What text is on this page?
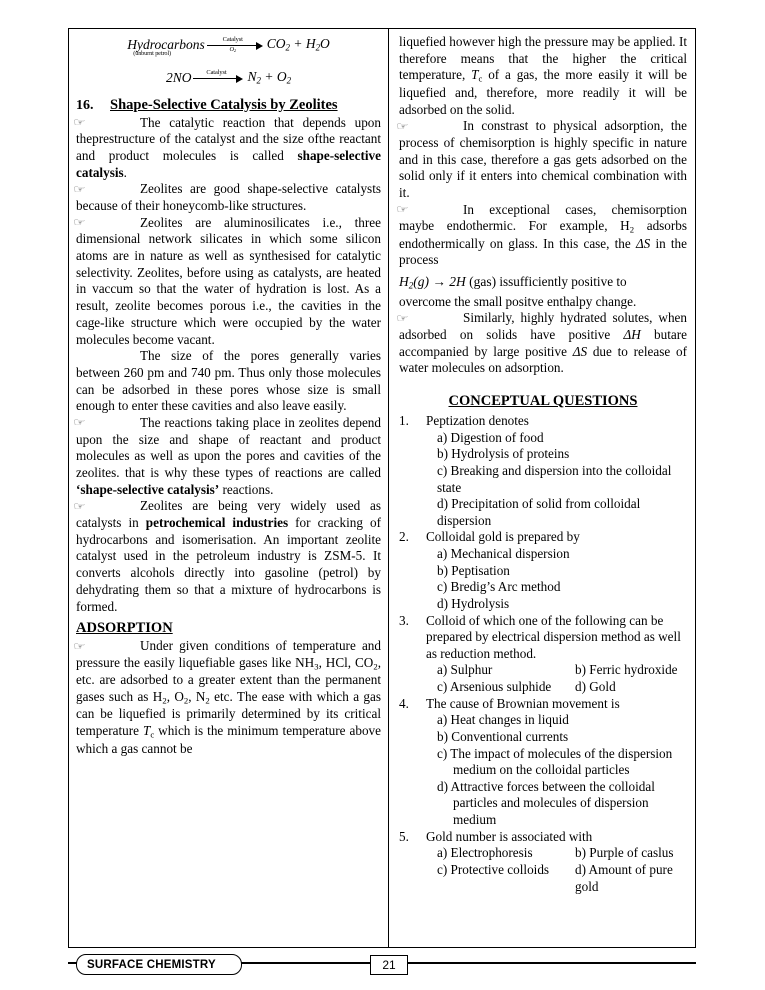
Hydrocarbons
(unburnt petrol)
Catalyst
$O_2$	$CO_2 + H_2O$
2NO	Catalyst	$N_2 + O_2$
16.	Shape-Selective Catalysis by Zeolites

☞	The catalytic reaction that depends upon theprestructure of the catalyst and the size ofthe reactant and product molecules is called shape-selective catalysis.

☞	Zeolites are good shape-selective catalysts because of their honeycomb-like structures.

☞	Zeolites are aluminosilicates i.e., three dimensional network silicates in which some silicon atoms are in nature as well as synthesised for catalytic selectivity. Zeolites, before using as catalysts, are heated in vaccum so that the water of hydration is lost. As a result, zeolite becomes porous i.e., the cavities in the cage-like structure which were occupied by the water molecules become vacant.

The size of the pores generally varies between 260 pm and 740 pm. Thus only those molecules can be adsorbed in these pores whose size is small enough to enter these cavities and also leave easily.

☞	The reactions taking place in zeolites depend upon the size and shape of reactant and product molecules as well as upon the pores and cavities of the zeolites. that is why these types of reactions are called ‘shape-selective catalysis’ reactions.

☞	Zeolites are being very widely used as catalysts in petrochemical industries for cracking of hydrocarbons and isomerisation. An important zeolite catalyst used in the petroleum industry is ZSM-5. It converts alcohols directly into gasoline (petrol) by dehydrating them so that a mixture of hydrocarbons is formed.

ADSORPTION

☞	Under given conditions of temperature and pressure the easily liquefiable gases like $NH_3$, HCl, $CO_2$, etc. are adsorbed to a greater extent than the permanent gases such as $H_2$, $O_2$, $N_2$ etc. The ease with which a gas can be liquefied is primarily determined by its critical temperature $T_c$ which is the minimum temperature above which a gas cannot be

liquefied however high the pressure may be applied. It therefore means that the higher the critical temperature, $T_c$ of a gas, the more easily it will be liquefied and, therefore, more readily it will be adsorbed on the solid.

☞	In constrast to physical adsorption, the process of chemisorption is highly specific in nature and in this case, therefore a gas gets adsorbed on the solid only if it enters into chemical combination with it.

☞	In exceptional cases, chemisorption maybe endothermic. For example, $H_2$ adsorbs endothermically on glass. In this case, the ΔS in the process

$H_2(g) \to 2H$ (gas) issufficiently positive to

overcome the small positve enthalpy change.

☞	Similarly, highly hydrated solutes, when adsorbed on solids have positive ΔH butare accompanied by large positive ΔS due to release of water molecules on adsorption.

CONCEPTUAL QUESTIONS
1.	Peptization denotes
a) Digestion of food
b) Hydrolysis of proteins
c) Breaking and dispersion into the colloidal state
d) Precipitation of solid from colloidal dispersion
2.	Colloidal gold is prepared by
a) Mechanical dispersion
b) Peptisation
c) Bredig’s Arc method
d) Hydrolysis
3.	Colloid of which one of the following can be prepared by electrical dispersion method as well as reduction method.
a) Sulphur	b) Ferric hydroxide
c) Arsenious sulphide	d) Gold
4.	The cause of Brownian movement is
a) Heat changes in liquid
b) Conventional currents
c) The impact of molecules of the dispersion
medium on the colloidal particles
d) Attractive forces between the colloidal
particles and molecules of dispersion medium
5.	Gold number is associated with
a) Electrophoresis	b) Purple of caslus
c) Protective colloids	d) Amount of pure gold
SURFACE CHEMISTRY	21
